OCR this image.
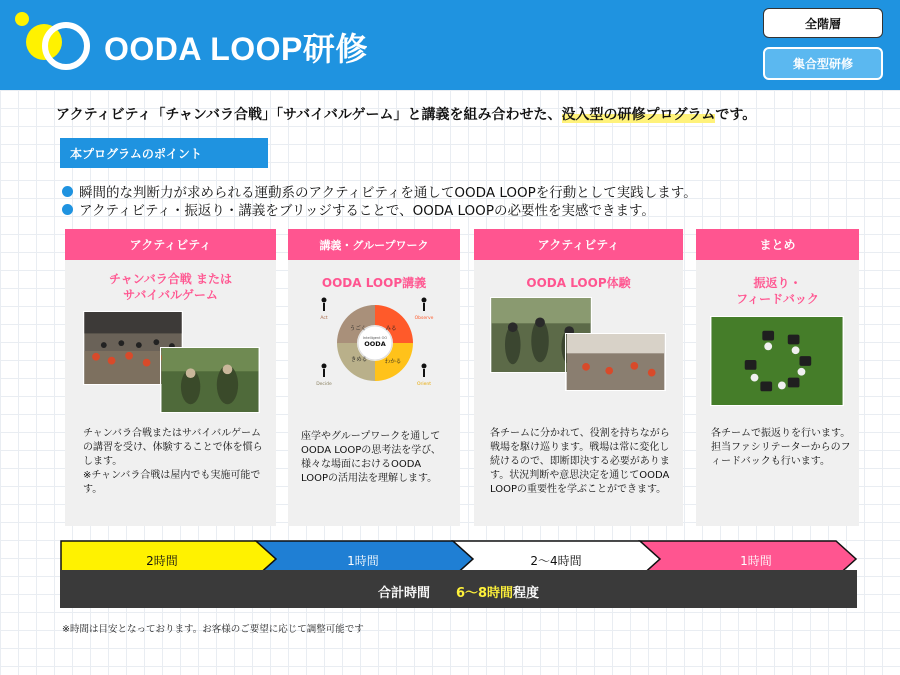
OODA LOOP研修
全階層
集合型研修
アクティビティ「チャンバラ合戦」「サバイバルゲーム」と講義を組み合わせた、没入型の研修プログラムです。
本プログラムのポイント
瞬間的な判断力が求められる運動系のアクティビティを通してOODA LOOPを行動として実践します。
アクティビティ・振返り・講義をブリッジすることで、OODA LOOPの必要性を実感できます。
アクティビティ
チャンバラ合戦 または
サバイバルゲーム
チャンバラ合戦またはサバイバルゲームの講習を受け、体験することで体を慣らします。
※チャンバラ合戦は屋内でも実施可能です。
講義・グループワーク
OODA LOOP講義
Intelligent OO
OODA
みる
わかる
きめる
うごく
Observe
Orient
Decide
Act
座学やグループワークを通してOODA LOOPの思考法を学び、様々な場面におけるOODA LOOPの活用法を理解します。
アクティビティ
OODA LOOP体験
各チームに分かれて、役割を持ちながら戦場を駆け巡ります。戦場は常に変化し続けるので、即断即決する必要があります。状況判断や意思決定を通じてOODA LOOPの重要性を学ぶことができます。
まとめ
振返り・
フィードバック
各チームで振返りを行います。担当ファシリテーターからのフィードバックも行います。
2時間	1時間	2〜4時間	1時間
合計時間 6〜8時間 程度
※時間は目安となっております。お客様のご要望に応じて調整可能です
